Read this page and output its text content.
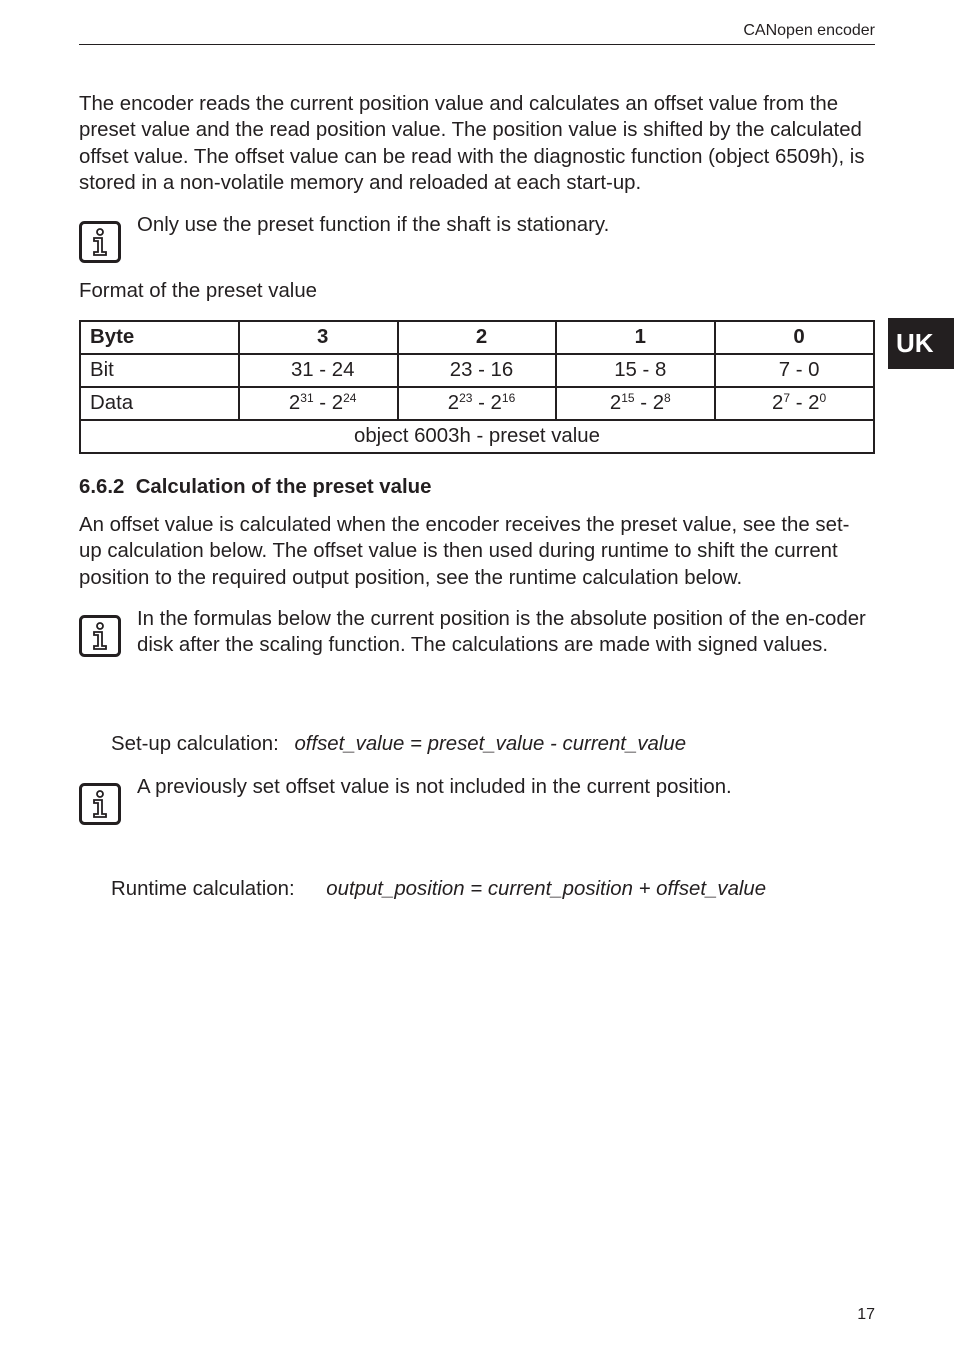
CANopen encoder
UK

The encoder reads the current position value and calculates an offset value from the preset value and the read position value. The position value is shifted by the calculated offset value. The offset value can be read with the diagnostic function (object 6509h), is stored in a non-volatile memory and reloaded at each start-up.

Only use the preset function if the shaft is stationary.

Format of the preset value
Byte	3	2	1	0
Bit	31 - 24	23 - 16	15 - 8	7 - 0
Data	$2^{31} - 2^{24}$	$2^{23} - 2^{16}$	$2^{15} - 2^8$	$2^7 - 2^0$
object 6003h - preset value				
6.6.2 Calculation of the preset value

An offset value is calculated when the encoder receives the preset value, see the set-up calculation below. The offset value is then used during runtime to shift the current position to the required output position, see the runtime calculation below.

In the formulas below the current position is the absolute position of the en-coder disk after the scaling function. The calculations are made with signed values.

Set-up calculation: offset_value = preset_value - current_value

A previously set offset value is not included in the current position.

Runtime calculation: output_position = current_position + offset_value
17
